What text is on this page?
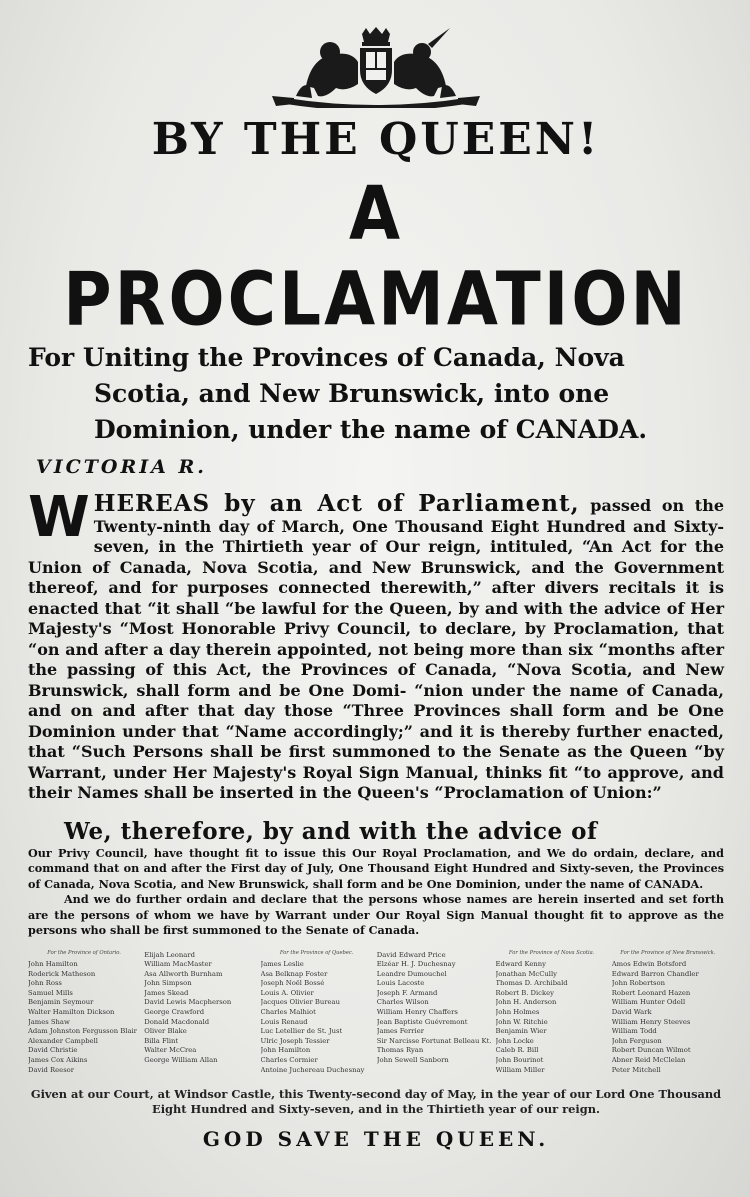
BY THE QUEEN!
A PROCLAMATION
For Uniting the Provinces of Canada, Nova Scotia, and New Brunswick, into one Dominion, under the name of CANADA.
VICTORIA R.
W HEREAS by an Act of Parliament, passed on the Twenty-ninth day of March, One Thousand Eight Hundred and Sixty-seven, in the Thirtieth year of Our reign, intituled, “An Act for the Union of Canada, Nova Scotia, and New Brunswick, and the Government thereof, and for purposes connected therewith,” after divers recitals it is enacted that “it shall “be lawful for the Queen, by and with the advice of Her Majesty's “Most Honorable Privy Council, to declare, by Proclamation, that “on and after a day therein appointed, not being more than six “months after the passing of this Act, the Provinces of Canada, “Nova Scotia, and New Brunswick, shall form and be One Domi- “nion under the name of Canada, and on and after that day those “Three Provinces shall form and be One Dominion under that “Name accordingly;” and it is thereby further enacted, that “Such Persons shall be first summoned to the Senate as the Queen “by Warrant, under Her Majesty's Royal Sign Manual, thinks fit “to approve, and their Names shall be inserted in the Queen's “Proclamation of Union:”
We, therefore, by and with the advice of
Our Privy Council, have thought fit to issue this Our Royal Proclamation, and We do ordain, declare, and command that on and after the First day of July, One Thousand Eight Hundred and Sixty-seven, the Provinces of Canada, Nova Scotia, and New Brunswick, shall form and be One Dominion, under the name of CANADA.
And we do further ordain and declare that the persons whose names are herein inserted and set forth are the persons of whom we have by Warrant under Our Royal Sign Manual thought fit to approve as the persons who shall be first summoned to the Senate of Canada.
For the Province of Ontario.
John Hamilton
Roderick Matheson
John Ross
Samuel Mills
Benjamin Seymour
Walter Hamilton Dickson
James Shaw
Adam Johnston Fergusson Blair
Alexander Campbell
David Christie
James Cox Aikins
David Reesor
Elijah Leonard
William MacMaster
Asa Allworth Burnham
John Simpson
James Skead
David Lewis Macpherson
George Crawford
Donald Macdonald
Oliver Blake
Billa Flint
Walter McCrea
George William Allan
For the Province of Quebec.
James Leslie
Asa Belknap Foster
Joseph Noël Bossé
Louis A. Olivier
Jacques Olivier Bureau
Charles Malhiot
Louis Renaud
Luc Letellier de St. Just
Ulric Joseph Tessier
John Hamilton
Charles Cormier
Antoine Juchereau Duchesnay
David Edward Price
Elzéar H. J. Duchesnay
Leandre Dumouchel
Louis Lacoste
Joseph F. Armand
Charles Wilson
William Henry Chaffers
Jean Baptiste Guévremont
James Ferrier
Sir Narcisse Fortunat Belleau Kt.
Thomas Ryan
John Sewell Sanborn
For the Province of Nova Scotia.
Edward Kenny
Jonathan McCully
Thomas D. Archibald
Robert B. Dickey
John H. Anderson
John Holmes
John W. Ritchie
Benjamin Wier
John Locke
Caleb R. Bill
John Bourinot
William Miller
For the Province of New Brunswick.
Amos Edwin Botsford
Edward Barron Chandler
John Robertson
Robert Leonard Hazen
William Hunter Odell
David Wark
William Henry Steeves
William Todd
John Ferguson
Robert Duncan Wilmot
Abner Reid McClelan
Peter Mitchell
Given at our Court, at Windsor Castle, this Twenty-second day of May, in the year of our Lord One Thousand Eight Hundred and Sixty-seven, and in the Thirtieth year of our reign.
GOD SAVE THE QUEEN.
